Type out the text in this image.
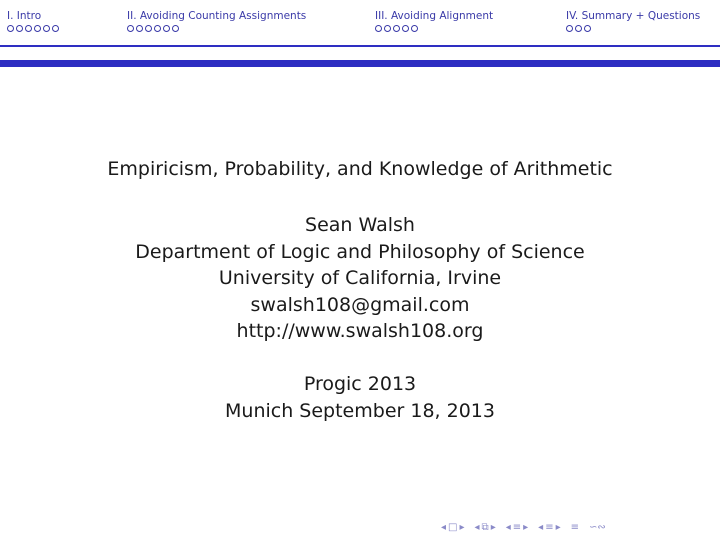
I. Intro	II. Avoiding Counting Assignments	III. Avoiding Alignment	IV. Summary + Questions
Empiricism, Probability, and Knowledge of Arithmetic
Sean Walsh
Department of Logic and Philosophy of Science
University of California, Irvine
swalsh108@gmail.com
http://www.swalsh108.org
Progic 2013
Munich September 18, 2013
◂ □ ▸ ◂ ⧉ ▸ ◂ ≡ ▸ ◂ ≡ ▸ ≡ ∽∾
